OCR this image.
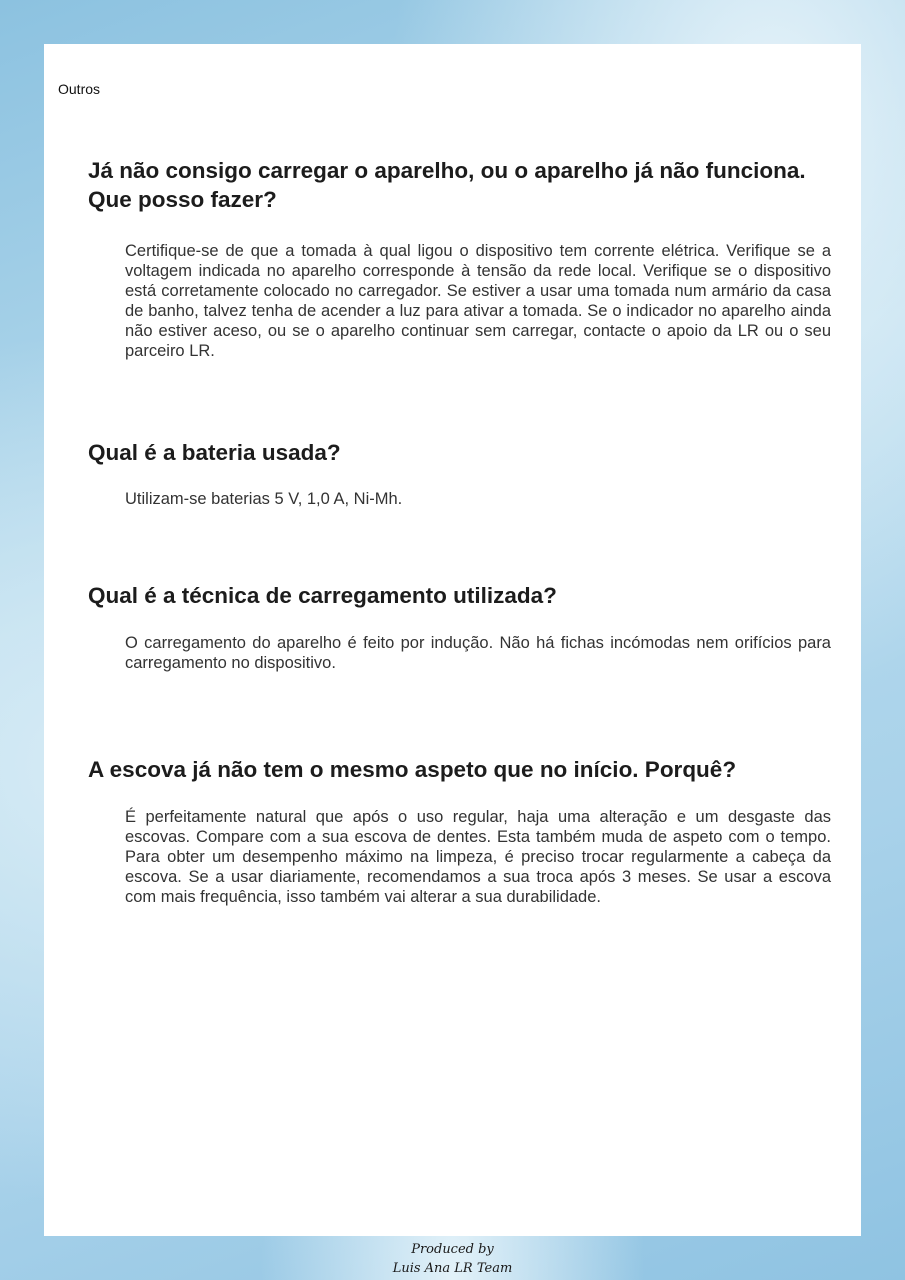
Outros
Já não consigo carregar o aparelho, ou o aparelho já não funciona. Que posso fazer?

Certifique-se de que a tomada à qual ligou o dispositivo tem corrente elétrica. Verifique se a voltagem indicada no aparelho corresponde à tensão da rede local. Verifique se o dispositivo está corretamente colocado no carregador. Se estiver a usar uma tomada num armário da casa de banho, talvez tenha de acender a luz para ativar a tomada. Se o indicador no aparelho ainda não estiver aceso, ou se o aparelho continuar sem carregar, contacte o apoio da LR ou o seu parceiro LR.

Qual é a bateria usada?

Utilizam-se baterias 5 V, 1,0 A, Ni-Mh.

Qual é a técnica de carregamento utilizada?

O carregamento do aparelho é feito por indução. Não há fichas incómodas nem orifícios para carregamento no dispositivo.

A escova já não tem o mesmo aspeto que no início. Porquê?

É perfeitamente natural que após o uso regular, haja uma alteração e um desgaste das escovas. Compare com a sua escova de dentes. Esta também muda de aspeto com o tempo. Para obter um desempenho máximo na limpeza, é preciso trocar regularmente a cabeça da escova. Se a usar diariamente, recomendamos a sua troca após 3 meses. Se usar a escova com mais frequência, isso também vai alterar a sua durabilidade.

Produced by
Luis Ana LR Team
